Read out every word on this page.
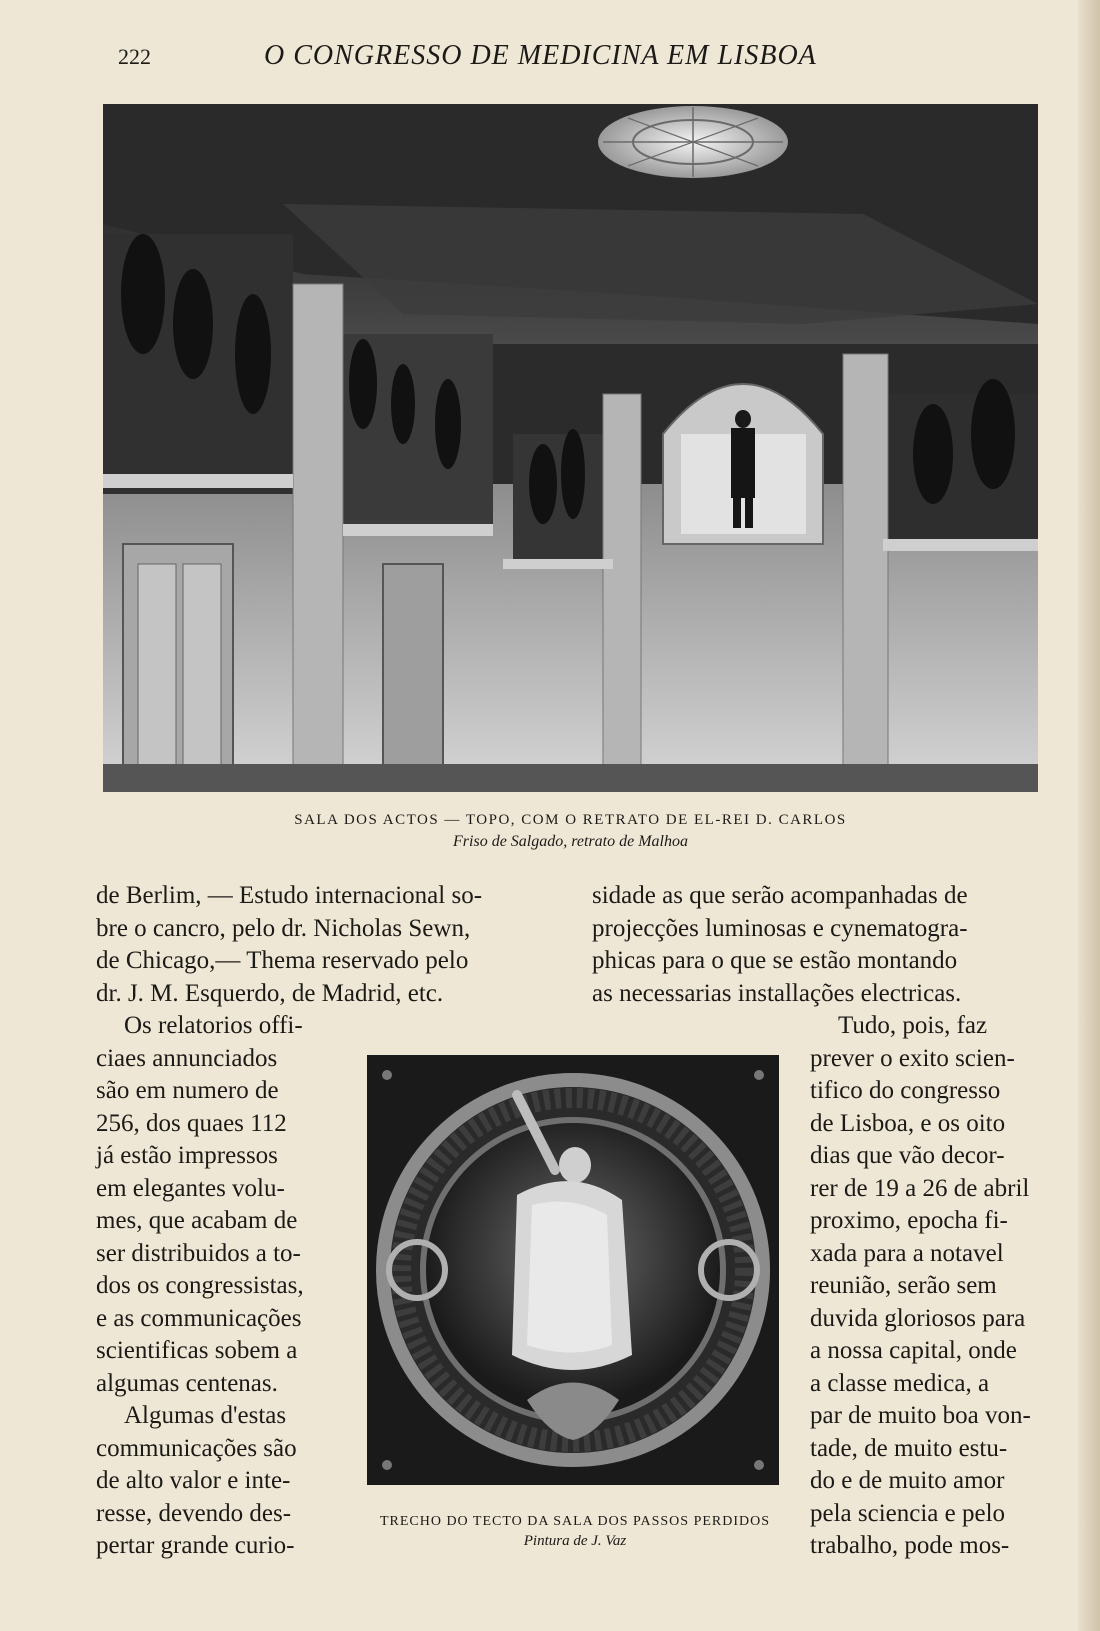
222	O CONGRESSO DE MEDICINA EM LISBOA
SALA DOS ACTOS — TOPO, COM O RETRATO DE EL-REI D. CARLOS
Friso de Salgado, retrato de Malhoa
de Berlim, — Estudo internacional so-
bre o cancro, pelo dr. Nicholas Sewn,
de Chicago,— Thema reservado pelo
dr. J. M. Esquerdo, de Madrid, etc.
sidade as que serão acompanhadas de
projecções luminosas e cynematogra-
phicas para o que se estão montando
as necessarias installações electricas.
Os relatorios offi-
ciaes annunciados
são em numero de
256, dos quaes 112
já estão impressos
em elegantes volu-
mes, que acabam de
ser distribuidos a to-
dos os congressistas,
e as communicações
scientificas sobem a
algumas centenas.
Algumas d'estas
communicações são
de alto valor e inte-
resse, devendo des-
pertar grande curio-
TRECHO DO TECTO DA SALA DOS PASSOS PERDIDOS
Pintura de J. Vaz
Tudo, pois, faz
prever o exito scien-
tifico do congresso
de Lisboa, e os oito
dias que vão decor-
rer de 19 a 26 de abril
proximo, epocha fi-
xada para a notavel
reunião, serão sem
duvida gloriosos para
a nossa capital, onde
a classe medica, a
par de muito boa von-
tade, de muito estu-
do e de muito amor
pela sciencia e pelo
trabalho, pode mos-
